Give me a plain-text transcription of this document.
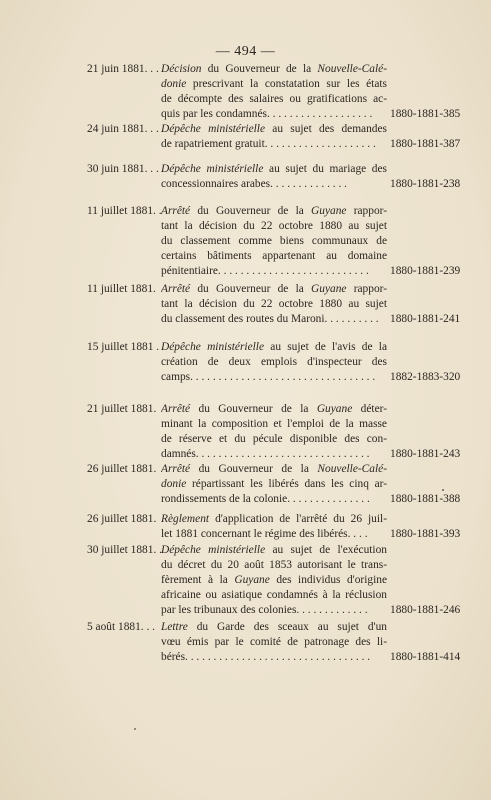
— 494 —
21 juin 1881. . . Décision du Gouverneur de la Nouvelle-Calé-
donie prescrivant la constatation sur les états
de décompte des salaires ou gratifications ac-
quis par les condamnés. . . . . . . . . . . . . . . . . . .	1880-1881-385
24 juin 1881. . . Dépêche ministérielle au sujet des demandes
de rapatriement gratuit. . . . . . . . . . . . . . . . . . . .	1880-1881-387
30 juin 1881. . . Dépêche ministérielle au sujet du mariage des
concessionnaires arabes. . . . . . . . . . . . . .	1880-1881-238
11 juillet 1881. . Arrêté du Gouverneur de la Guyane rappor-
tant la décision du 22 octobre 1880 au sujet
du classement comme biens communaux de
certains bâtiments appartenant au domaine
pénitentiaire. . . . . . . . . . . . . . . . . . . . . . . . . . .	1880-1881-239
11 juillet 1881. Arrêté du Gouverneur de la Guyane rappor-
tant la décision du 22 octobre 1880 au sujet
du classement des routes du Maroni. . . . . . . . . . 1880-1881-241
15 juillet 1881 . Dépêche ministérielle au sujet de l'avis de la
création de deux emplois d'inspecteur des
camps. . . . . . . . . . . . . . . . . . . . . . . . . . . . . . . . .	1882-1883-320
21 juillet 1881. Arrêté du Gouverneur de la Guyane déter-
minant la composition et l'emploi de la masse
de réserve et du pécule disponible des con-
damnés. . . . . . . . . . . . . . . . . . . . . . . . . . . . . . .	1880-1881-243
26 juillet 1881. Arrêté du Gouverneur de la Nouvelle-Calé-
donie répartissant les libérés dans les cinq ar-
rondissements de la colonie. . . . . . . . . . . . . . .	1880-1881-388
26 juillet 1881. Règlement d'application de l'arrêté du 26 juil-
let 1881 concernant le régime des libérés. . . .	1880-1881-393
30 juillet 1881. . Dépêche ministérielle au sujet de l'exécution
du décret du 20 août 1853 autorisant le trans-
fèrement à la Guyane des individus d'origine
africaine ou asiatique condamnés à la réclusion
par les tribunaux des colonies. . . . . . . . . . . . .	1880-1881-246
5 août 1881. . . Lettre du Garde des sceaux au sujet d'un
vœu émis par le comité de patronage des li-
bérés. . . . . . . . . . . . . . . . . . . . . . . . . . . . . . . . .	1880-1881-414
